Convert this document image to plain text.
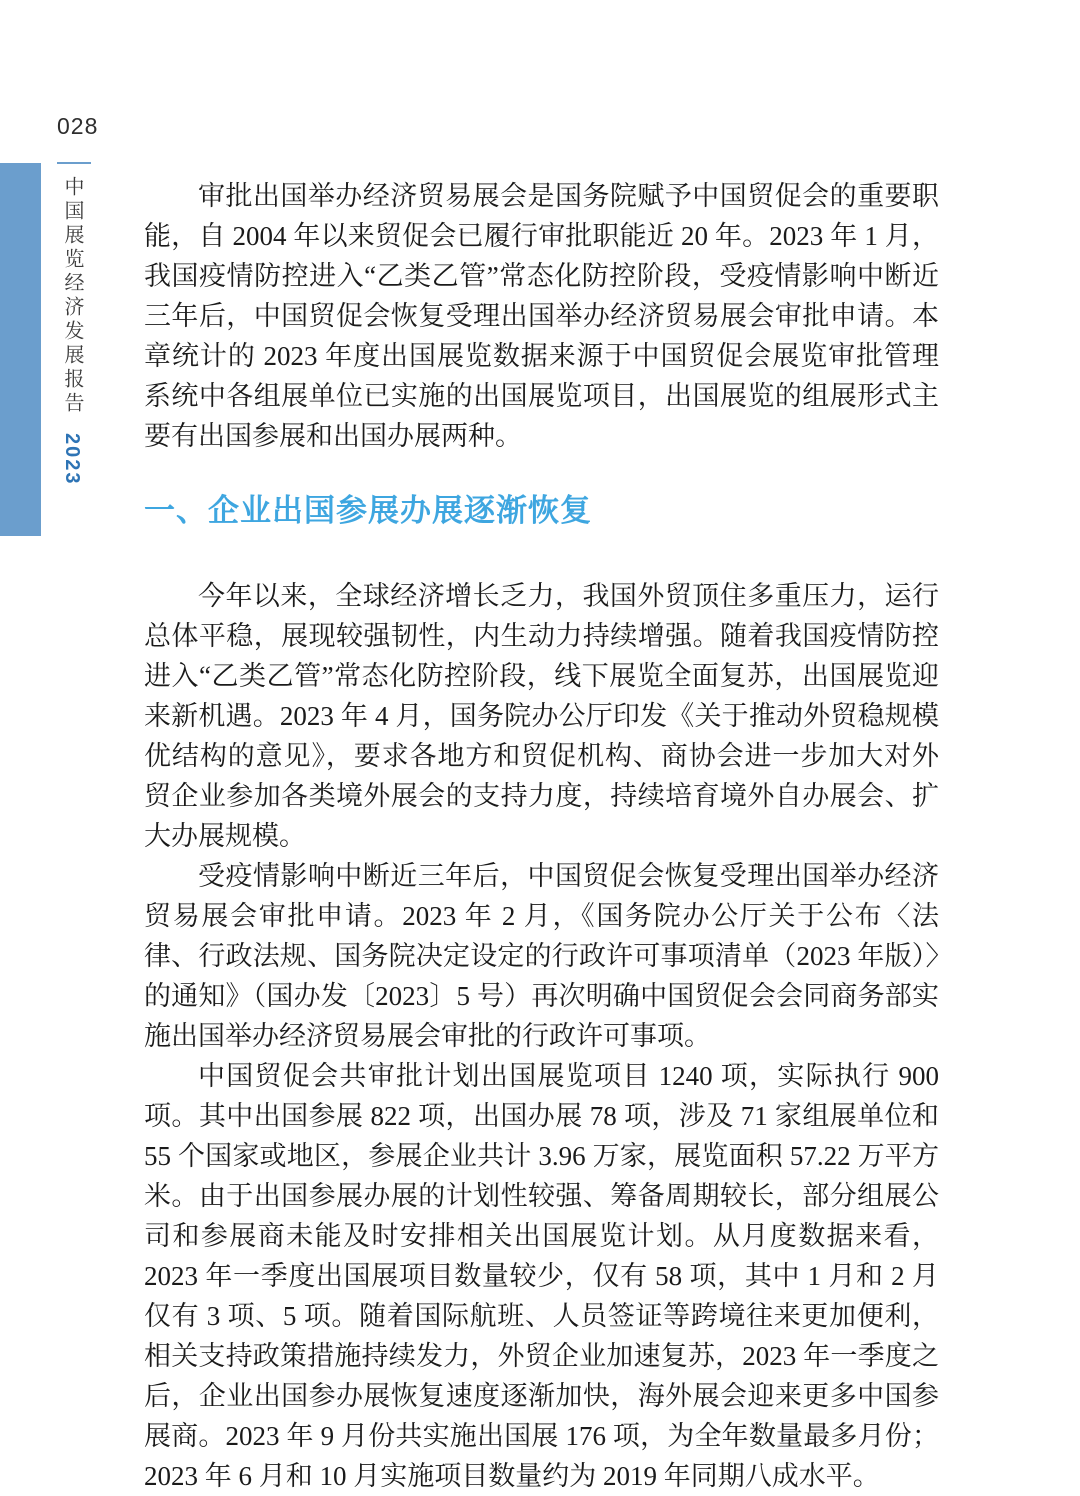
028
中国展览经济发展报告 2023

审批出国举办经济贸易展会是国务院赋予中国贸促会的重要职能，自 2004 年以来贸促会已履行审批职能近 20 年。2023 年 1 月，我国疫情防控进入“乙类乙管”常态化防控阶段，受疫情影响中断近三年后，中国贸促会恢复受理出国举办经济贸易展会审批申请。本章统计的 2023 年度出国展览数据来源于中国贸促会展览审批管理系统中各组展单位已实施的出国展览项目，出国展览的组展形式主要有出国参展和出国办展两种。

一、企业出国参展办展逐渐恢复

今年以来，全球经济增长乏力，我国外贸顶住多重压力，运行总体平稳，展现较强韧性，内生动力持续增强。随着我国疫情防控进入“乙类乙管”常态化防控阶段，线下展览全面复苏，出国展览迎来新机遇。2023 年 4 月，国务院办公厅印发《关于推动外贸稳规模优结构的意见》，要求各地方和贸促机构、商协会进一步加大对外贸企业参加各类境外展会的支持力度，持续培育境外自办展会、扩大办展规模。

受疫情影响中断近三年后，中国贸促会恢复受理出国举办经济贸易展会审批申请。2023 年 2 月，《国务院办公厅关于公布〈法律、行政法规、国务院决定设定的行政许可事项清单（2023 年版）〉的通知》（国办发〔2023〕5 号）再次明确中国贸促会会同商务部实施出国举办经济贸易展会审批的行政许可事项。

中国贸促会共审批计划出国展览项目 1240 项，实际执行 900 项。其中出国参展 822 项，出国办展 78 项，涉及 71 家组展单位和 55 个国家或地区，参展企业共计 3.96 万家，展览面积 57.22 万平方米。由于出国参展办展的计划性较强、筹备周期较长，部分组展公司和参展商未能及时安排相关出国展览计划。从月度数据来看，2023 年一季度出国展项目数量较少，仅有 58 项，其中 1 月和 2 月仅有 3 项、5 项。随着国际航班、人员签证等跨境往来更加便利，相关支持政策措施持续发力，外贸企业加速复苏，2023 年一季度之后，企业出国参办展恢复速度逐渐加快，海外展会迎来更多中国参展商。2023 年 9 月份共实施出国展 176 项，为全年数量最多月份；2023 年 6 月和 10 月实施项目数量约为 2019 年同期八成水平。
